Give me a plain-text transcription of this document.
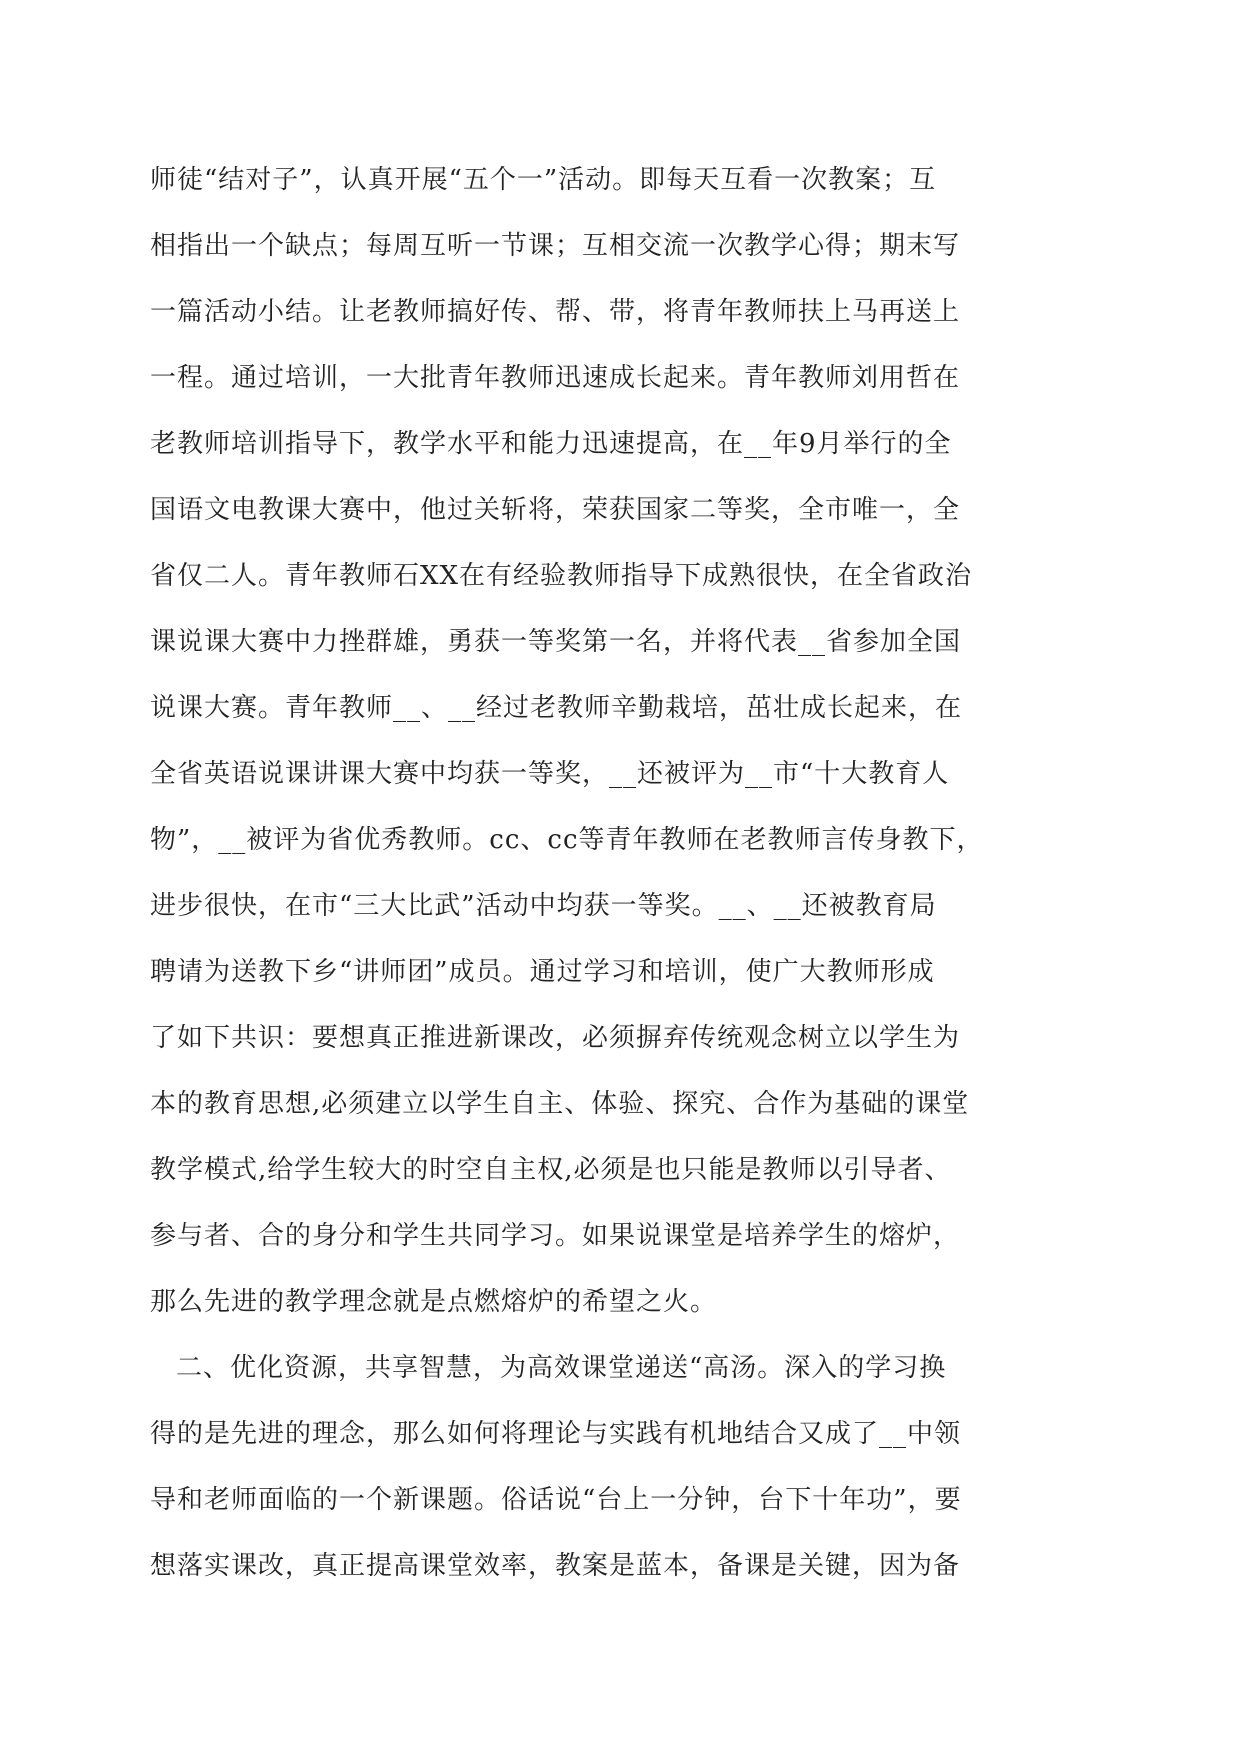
师徒“结对子”，认真开展“五个一”活动。即每天互看一次教案；互
相指出一个缺点；每周互听一节课；互相交流一次教学心得；期末写
一篇活动小结。让老教师搞好传、帮、带，将青年教师扶上马再送上
一程。通过培训，一大批青年教师迅速成长起来。青年教师刘用哲在
老教师培训指导下，教学水平和能力迅速提高，在__年9月举行的全
国语文电教课大赛中，他过关斩将，荣获国家二等奖，全市唯一，全
省仅二人。青年教师石XX在有经验教师指导下成熟很快，在全省政治
课说课大赛中力挫群雄，勇获一等奖第一名，并将代表__省参加全国
说课大赛。青年教师__、__经过老教师辛勤栽培，茁壮成长起来，在
全省英语说课讲课大赛中均获一等奖，__还被评为__市“十大教育人
物”，__被评为省优秀教师。cc、cc等青年教师在老教师言传身教下，
进步很快，在市“三大比武”活动中均获一等奖。__、__还被教育局
聘请为送教下乡“讲师团”成员。通过学习和培训，使广大教师形成
了如下共识：要想真正推进新课改，必须摒弃传统观念树立以学生为
本的教育思想,必须建立以学生自主、体验、探究、合作为基础的课堂
教学模式,给学生较大的时空自主权,必须是也只能是教师以引导者、
参与者、合的身分和学生共同学习。如果说课堂是培养学生的熔炉，
那么先进的教学理念就是点燃熔炉的希望之火。
二、优化资源，共享智慧，为高效课堂递送“高汤。深入的学习换
得的是先进的理念，那么如何将理论与实践有机地结合又成了__中领
导和老师面临的一个新课题。俗话说“台上一分钟，台下十年功”，要
想落实课改，真正提高课堂效率，教案是蓝本，备课是关键，因为备
